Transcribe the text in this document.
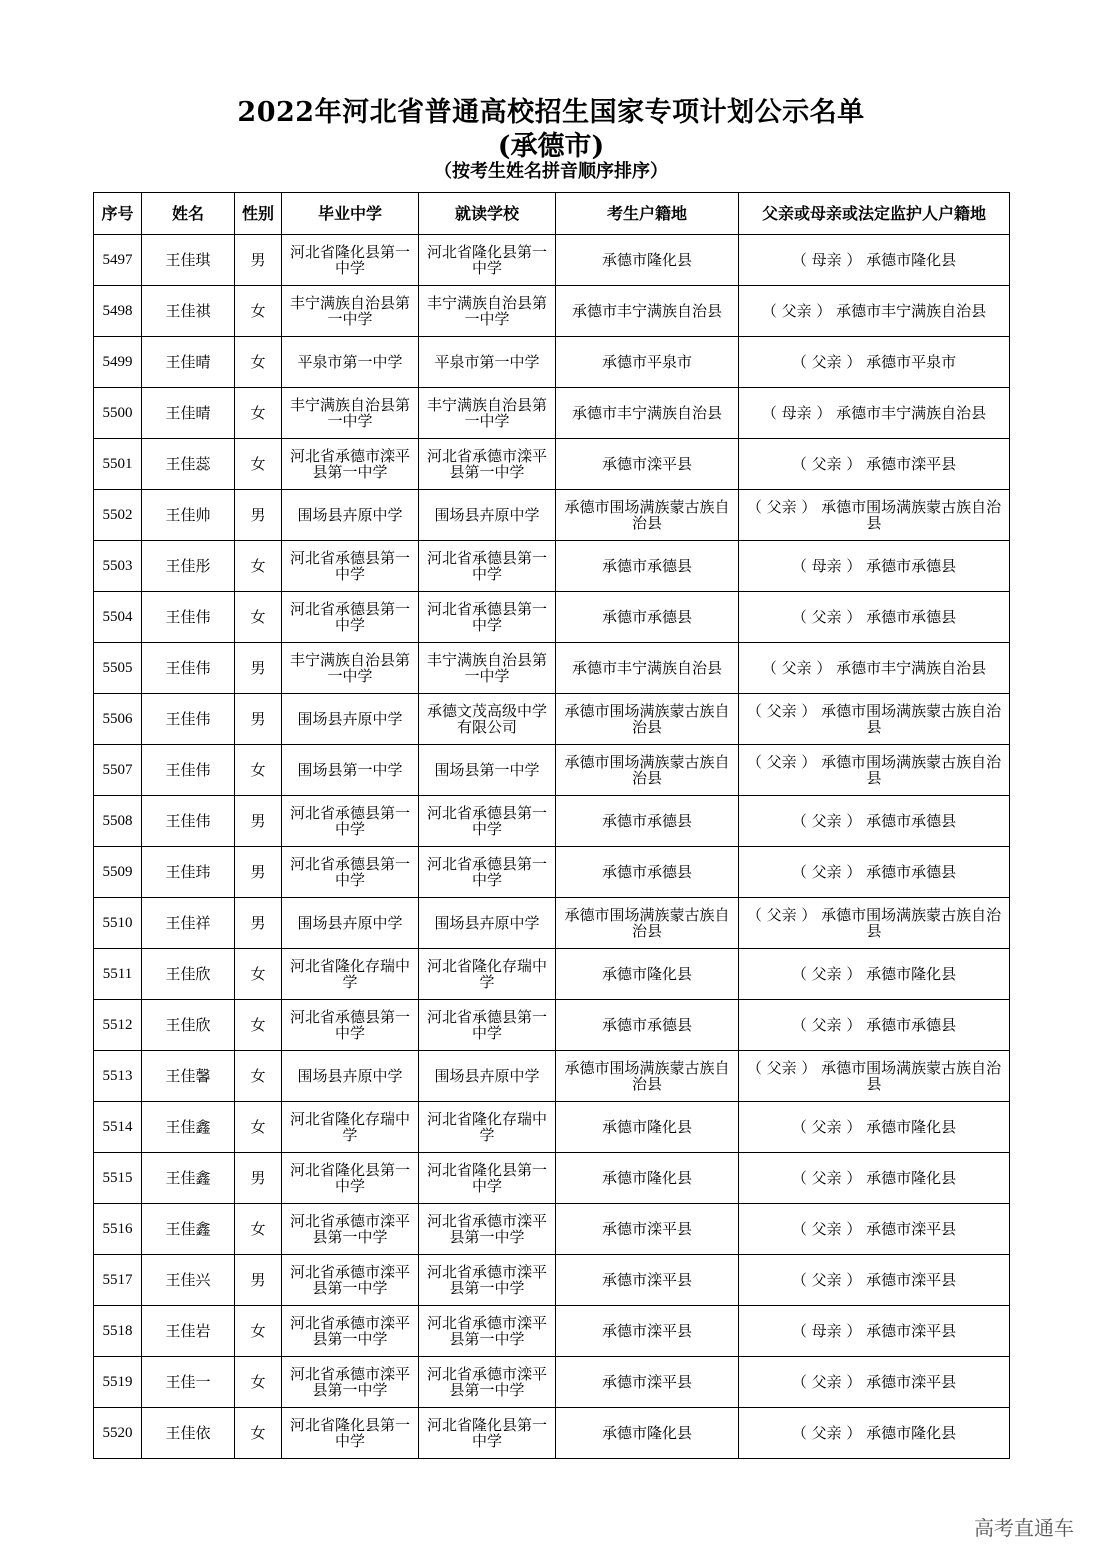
2022年河北省普通高校招生国家专项计划公示名单
(承德市)
（按考生姓名拼音顺序排序）
序号	姓名	性别	毕业中学	就读学校	考生户籍地	父亲或母亲或法定监护人户籍地
5497	王佳琪	男	河北省隆化县第一中学	河北省隆化县第一中学	承德市隆化县	（ 母亲 ） 承德市隆化县
5498	王佳祺	女	丰宁满族自治县第一中学	丰宁满族自治县第一中学	承德市丰宁满族自治县	（ 父亲 ） 承德市丰宁满族自治县
5499	王佳晴	女	平泉市第一中学	平泉市第一中学	承德市平泉市	（ 父亲 ） 承德市平泉市
5500	王佳晴	女	丰宁满族自治县第一中学	丰宁满族自治县第一中学	承德市丰宁满族自治县	（ 母亲 ） 承德市丰宁满族自治县
5501	王佳蕊	女	河北省承德市滦平县第一中学	河北省承德市滦平县第一中学	承德市滦平县	（ 父亲 ） 承德市滦平县
5502	王佳帅	男	围场县卉原中学	围场县卉原中学	承德市围场满族蒙古族自治县	（ 父亲 ） 承德市围场满族蒙古族自治县
5503	王佳彤	女	河北省承德县第一中学	河北省承德县第一中学	承德市承德县	（ 母亲 ） 承德市承德县
5504	王佳伟	女	河北省承德县第一中学	河北省承德县第一中学	承德市承德县	（ 父亲 ） 承德市承德县
5505	王佳伟	男	丰宁满族自治县第一中学	丰宁满族自治县第一中学	承德市丰宁满族自治县	（ 父亲 ） 承德市丰宁满族自治县
5506	王佳伟	男	围场县卉原中学	承德文茂高级中学有限公司	承德市围场满族蒙古族自治县	（ 父亲 ） 承德市围场满族蒙古族自治县
5507	王佳伟	女	围场县第一中学	围场县第一中学	承德市围场满族蒙古族自治县	（ 父亲 ） 承德市围场满族蒙古族自治县
5508	王佳伟	男	河北省承德县第一中学	河北省承德县第一中学	承德市承德县	（ 父亲 ） 承德市承德县
5509	王佳玮	男	河北省承德县第一中学	河北省承德县第一中学	承德市承德县	（ 父亲 ） 承德市承德县
5510	王佳祥	男	围场县卉原中学	围场县卉原中学	承德市围场满族蒙古族自治县	（ 父亲 ） 承德市围场满族蒙古族自治县
5511	王佳欣	女	河北省隆化存瑞中学	河北省隆化存瑞中学	承德市隆化县	（ 父亲 ） 承德市隆化县
5512	王佳欣	女	河北省承德县第一中学	河北省承德县第一中学	承德市承德县	（ 父亲 ） 承德市承德县
5513	王佳馨	女	围场县卉原中学	围场县卉原中学	承德市围场满族蒙古族自治县	（ 父亲 ） 承德市围场满族蒙古族自治县
5514	王佳鑫	女	河北省隆化存瑞中学	河北省隆化存瑞中学	承德市隆化县	（ 父亲 ） 承德市隆化县
5515	王佳鑫	男	河北省隆化县第一中学	河北省隆化县第一中学	承德市隆化县	（ 父亲 ） 承德市隆化县
5516	王佳鑫	女	河北省承德市滦平县第一中学	河北省承德市滦平县第一中学	承德市滦平县	（ 父亲 ） 承德市滦平县
5517	王佳兴	男	河北省承德市滦平县第一中学	河北省承德市滦平县第一中学	承德市滦平县	（ 父亲 ） 承德市滦平县
5518	王佳岩	女	河北省承德市滦平县第一中学	河北省承德市滦平县第一中学	承德市滦平县	（ 母亲 ） 承德市滦平县
5519	王佳一	女	河北省承德市滦平县第一中学	河北省承德市滦平县第一中学	承德市滦平县	（ 父亲 ） 承德市滦平县
5520	王佳依	女	河北省隆化县第一中学	河北省隆化县第一中学	承德市隆化县	（ 父亲 ） 承德市隆化县
高考直通车
